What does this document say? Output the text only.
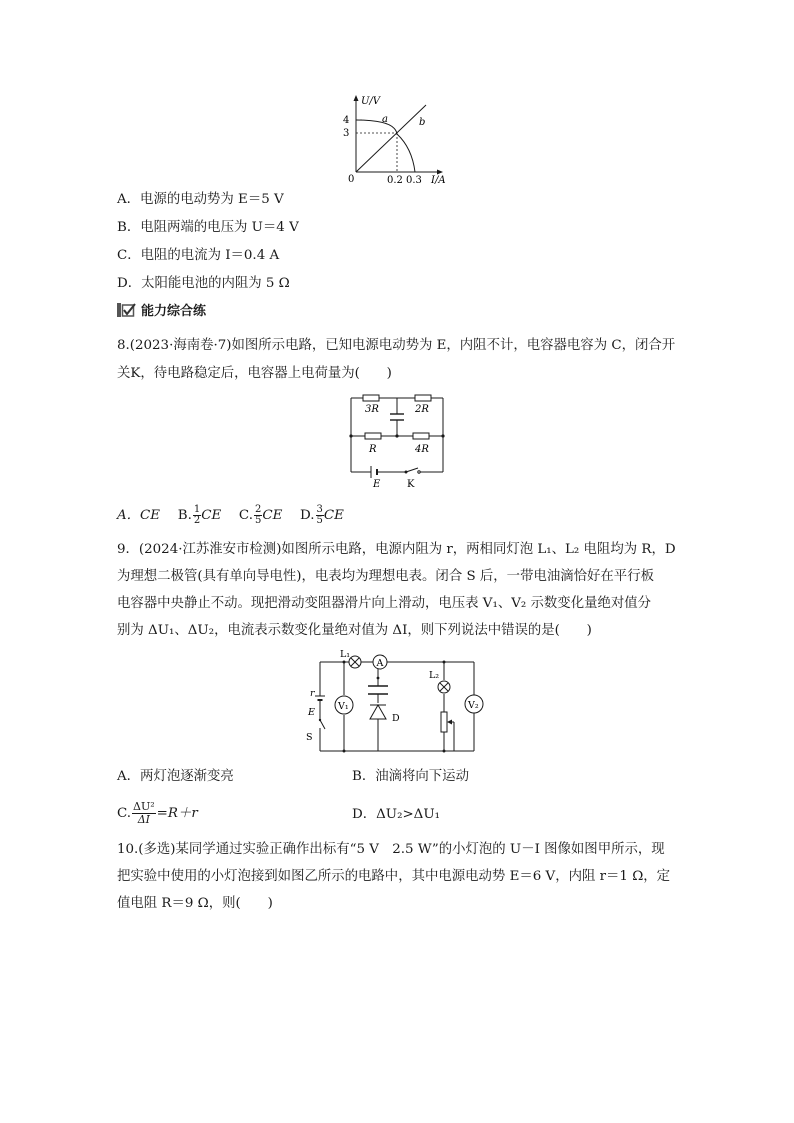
U/V
4
3
0	0.2 0.3 I/A
a	b
A．电源的电动势为 E＝5 V
B．电阻两端的电压为 U＝4 V
C．电阻的电流为 I＝0.4 A
D．太阳能电池的内阻为 5 Ω
能力综合练
8.(2023·海南卷·7)如图所示电路，已知电源电动势为 E，内阻不计，电容器电容为 C，闭合开
关K，待电路稳定后，电容器上电荷量为(　　)
3R	2R
R	4R
E	K
A．CE　 B. $\frac{1}{2}$ CE　 C. $\frac{2}{5}$ CE　 D. $\frac{3}{5}$ CE
9．(2024·江苏淮安市检测)如图所示电路，电源内阻为 r，两相同灯泡 L₁、L₂ 电阻均为 R，D
为理想二极管(具有单向导电性)，电表均为理想电表。闭合 S 后，一带电油滴恰好在平行板
电容器中央静止不动。现把滑动变阻器滑片向上滑动，电压表 V₁、V₂ 示数变化量绝对值分
别为 ΔU₁、ΔU₂，电流表示数变化量绝对值为 ΔI，则下列说法中错误的是(　　)
A
V₁	V₂
L₁
L₂
r
E
D
S
A．两灯泡逐渐变亮	B．油滴将向下运动
C. $\frac{\text{ΔU²}}{\Delta I} =R+r$	D．ΔU₂>ΔU₁
10.(多选)某同学通过实验正确作出标有“5 V　2.5 W”的小灯泡的 U－I 图像如图甲所示，现
把实验中使用的小灯泡接到如图乙所示的电路中，其中电源电动势 E＝6 V，内阻 r＝1 Ω，定
值电阻 R＝9 Ω，则(　　)
